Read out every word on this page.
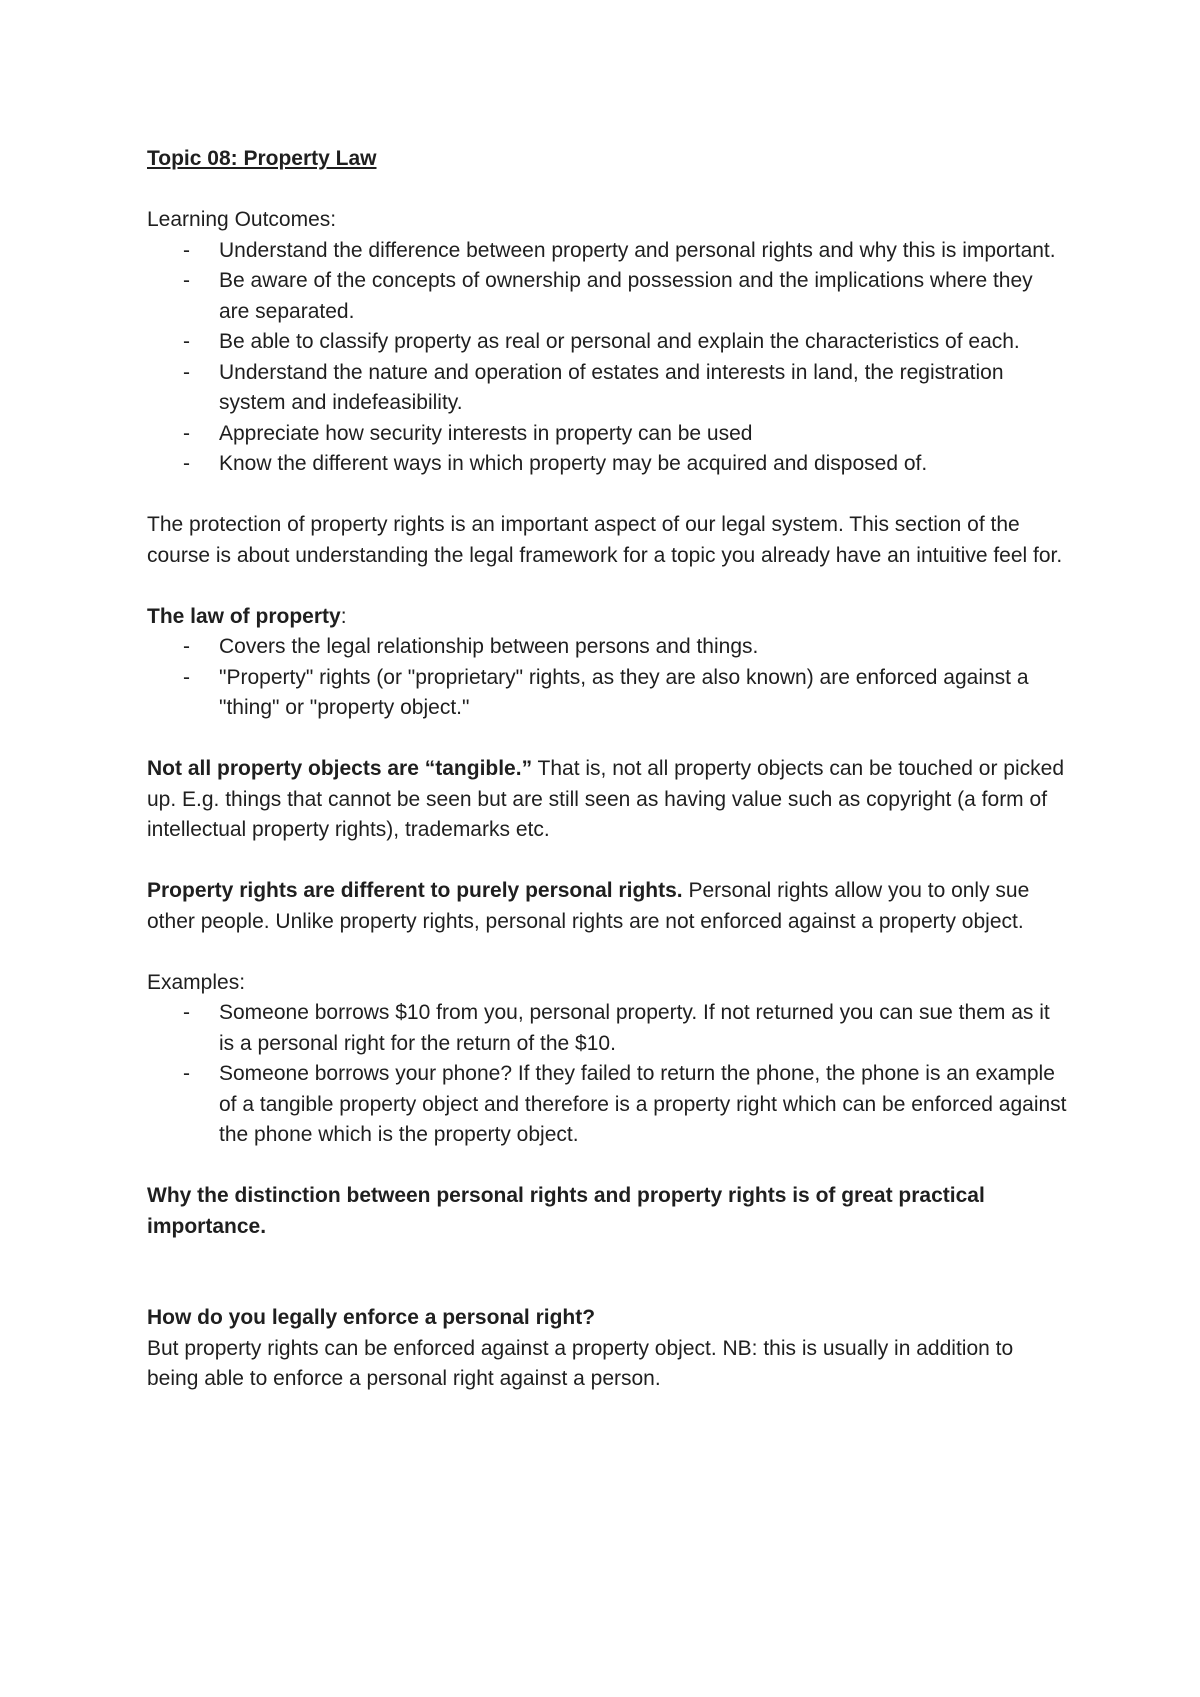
Topic 08: Property Law

Learning Outcomes:

- Understand the difference between property and personal rights and why this is important.
- Be aware of the concepts of ownership and possession and the implications where they are separated.
- Be able to classify property as real or personal and explain the characteristics of each.
- Understand the nature and operation of estates and interests in land, the registration system and indefeasibility.
- Appreciate how security interests in property can be used
- Know the different ways in which property may be acquired and disposed of.

The protection of property rights is an important aspect of our legal system. This section of the course is about understanding the legal framework for a topic you already have an intuitive feel for.

The law of property:

- Covers the legal relationship between persons and things.
- "Property" rights (or "proprietary" rights, as they are also known) are enforced against a "thing" or "property object."

Not all property objects are “tangible.” That is, not all property objects can be touched or picked up. E.g. things that cannot be seen but are still seen as having value such as copyright (a form of intellectual property rights), trademarks etc.

Property rights are different to purely personal rights. Personal rights allow you to only sue other people. Unlike property rights, personal rights are not enforced against a property object.

Examples:

- Someone borrows $10 from you, personal property. If not returned you can sue them as it is a personal right for the return of the $10.
- Someone borrows your phone? If they failed to return the phone, the phone is an example of a tangible property object and therefore is a property right which can be enforced against the phone which is the property object.

Why the distinction between personal rights and property rights is of great practical importance.

How do you legally enforce a personal right?

But property rights can be enforced against a property object. NB: this is usually in addition to being able to enforce a personal right against a person.
